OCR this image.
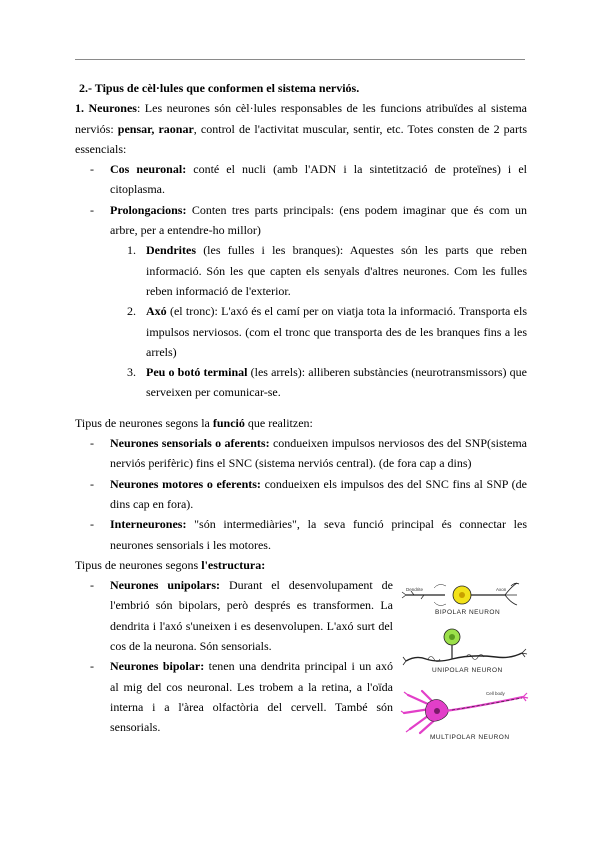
2.- Tipus de cèl·lules que conformen el sistema nerviós.

1. Neurones: Les neurones són cèl·lules responsables de les funcions atribuïdes al sistema nerviós: pensar, raonar, control de l'activitat muscular, sentir, etc. Totes consten de 2 parts essencials:

- Cos neuronal: conté el nucli (amb l'ADN i la sintetització de proteïnes) i el citoplasma.
- Prolongacions: Conten tres parts principals: (ens podem imaginar que és com un arbre, per a entendre-ho millor)
1. Dendrites (les fulles i les branques): Aquestes són les parts que reben informació. Són les que capten els senyals d'altres neurones. Com les fulles reben informació de l'exterior.
2. Axó (el tronc): L'axó és el camí per on viatja tota la informació. Transporta els impulsos nerviosos. (com el tronc que transporta des de les branques fins a les arrels)
3. Peu o botó terminal (les arrels): alliberen substàncies (neurotransmissors) que serveixen per comunicar-se.

Tipus de neurones segons la funció que realitzen:

- Neurones sensorials o aferents: condueixen impulsos nerviosos des del SNP(sistema nerviós perifèric) fins el SNC (sistema nerviós central). (de fora cap a dins)
- Neurones motores o eferents: condueixen els impulsos des del SNC fins al SNP (de dins cap en fora).
- Interneurones: "són intermediàries", la seva funció principal és connectar les neurones sensorials i les motores.

Tipus de neurones segons l'estructura:

- Neurones unipolars: Durant el desenvolupament de l'embrió són bipolars, però després es transformen. La dendrita i l'axó s'uneixen i es desenvolupen. L'axó surt del cos de la neurona. Són sensorials.
- Neurones bipolar: tenen una dendrita principal i un axó al mig del cos neuronal. Les trobem a la retina, a l'oïda interna i a l'àrea olfactòria del cervell. També són sensorials.
Dendrite	Axon
BIPOLAR NEURON
UNIPOLAR NEURON
Cell body
MULTIPOLAR NEURON
